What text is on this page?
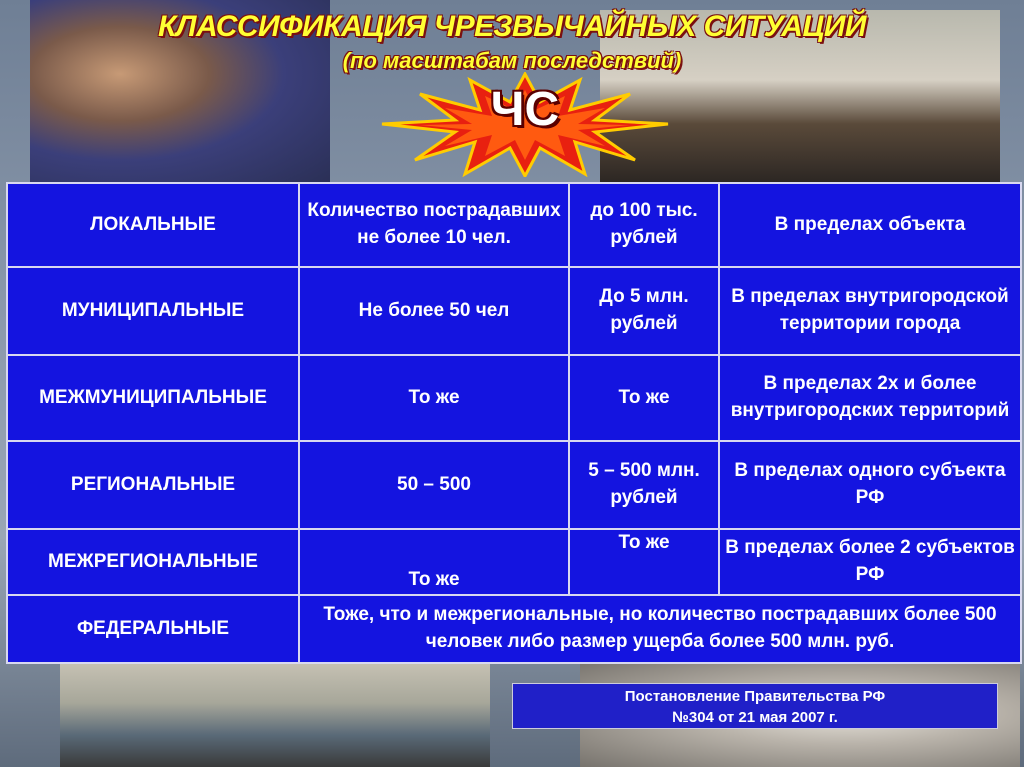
КЛАССИФИКАЦИЯ ЧРЕЗВЫЧАЙНЫХ СИТУАЦИЙ
(по масштабам последствий)
ЧС
ЛОКАЛЬНЫЕ	Количество пострадавших не более 10 чел.	до 100 тыс. рублей	В пределах объекта
МУНИЦИПАЛЬНЫЕ	Не более 50 чел	До 5 млн. рублей	В пределах внутригородской территории города
МЕЖМУНИЦИПАЛЬНЫЕ	То же	То же	В пределах 2х и более внутригородских территорий
РЕГИОНАЛЬНЫЕ	50 – 500	5 – 500 млн. рублей	В пределах одного субъекта РФ
МЕЖРЕГИОНАЛЬНЫЕ	То же	То же	В пределах более 2 субъектов РФ
ФЕДЕРАЛЬНЫЕ	Тоже, что и межрегиональные, но количество пострадавших более 500 человек либо размер ущерба более 500 млн. руб.		
Постановление Правительства РФ
№304 от 21 мая 2007 г.
